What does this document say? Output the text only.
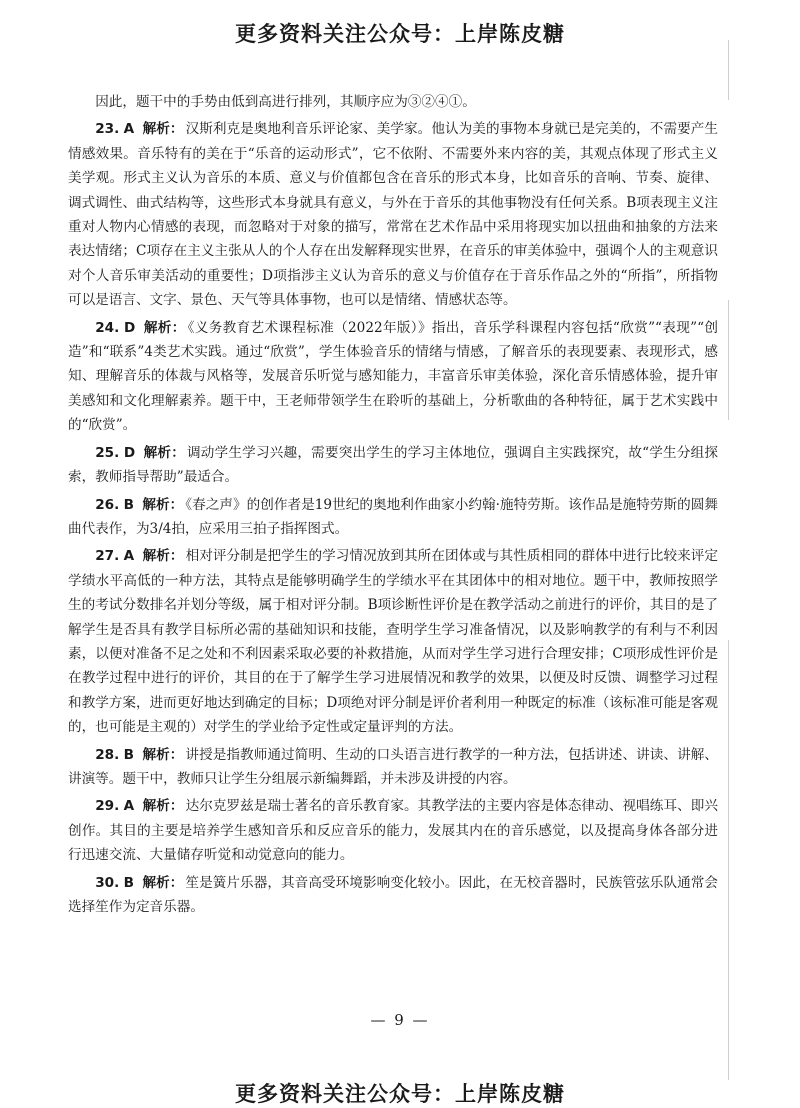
更多资料关注公众号：上岸陈皮糖

因此，题干中的手势由低到高进行排列，其顺序应为③②④①。

23. A 解析： 汉斯利克是奥地利音乐评论家、美学家。他认为美的事物本身就已是完美的，不需要产生情感效果。音乐特有的美在于“乐音的运动形式”，它不依附、不需要外来内容的美，其观点体现了形式主义美学观。形式主义认为音乐的本质、意义与价值都包含在音乐的形式本身，比如音乐的音响、节奏、旋律、调式调性、曲式结构等，这些形式本身就具有意义，与外在于音乐的其他事物没有任何关系。B项表现主义注重对人物内心情感的表现，而忽略对于对象的描写，常常在艺术作品中采用将现实加以扭曲和抽象的方法来表达情绪；C项存在主义主张从人的个人存在出发解释现实世界，在音乐的审美体验中，强调个人的主观意识对个人音乐审美活动的重要性；D项指涉主义认为音乐的意义与价值存在于音乐作品之外的“所指”，所指物可以是语言、文字、景色、天气等具体事物，也可以是情绪、情感状态等。

24. D 解析： 《义务教育艺术课程标准（2022年版）》指出，音乐学科课程内容包括“欣赏”“表现”“创造”和“联系”4类艺术实践。通过“欣赏”，学生体验音乐的情绪与情感，了解音乐的表现要素、表现形式，感知、理解音乐的体裁与风格等，发展音乐听觉与感知能力，丰富音乐审美体验，深化音乐情感体验，提升审美感知和文化理解素养。题干中，王老师带领学生在聆听的基础上，分析歌曲的各种特征，属于艺术实践中的“欣赏”。

25. D 解析： 调动学生学习兴趣，需要突出学生的学习主体地位，强调自主实践探究，故“学生分组探索，教师指导帮助”最适合。

26. B 解析： 《春之声》的创作者是19世纪的奥地利作曲家小约翰·施特劳斯。该作品是施特劳斯的圆舞曲代表作，为3/4拍，应采用三拍子指挥图式。

27. A 解析： 相对评分制是把学生的学习情况放到其所在团体或与其性质相同的群体中进行比较来评定学绩水平高低的一种方法，其特点是能够明确学生的学绩水平在其团体中的相对地位。题干中，教师按照学生的考试分数排名并划分等级，属于相对评分制。B项诊断性评价是在教学活动之前进行的评价，其目的是了解学生是否具有教学目标所必需的基础知识和技能，查明学生学习准备情况，以及影响教学的有利与不利因素，以便对准备不足之处和不利因素采取必要的补救措施，从而对学生学习进行合理安排；C项形成性评价是在教学过程中进行的评价，其目的在于了解学生学习进展情况和教学的效果，以便及时反馈、调整学习过程和教学方案，进而更好地达到确定的目标；D项绝对评分制是评价者利用一种既定的标准（该标准可能是客观的，也可能是主观的）对学生的学业给予定性或定量评判的方法。

28. B 解析： 讲授是指教师通过简明、生动的口头语言进行教学的一种方法，包括讲述、讲读、讲解、讲演等。题干中，教师只让学生分组展示新编舞蹈，并未涉及讲授的内容。

29. A 解析： 达尔克罗兹是瑞士著名的音乐教育家。其教学法的主要内容是体态律动、视唱练耳、即兴创作。其目的主要是培养学生感知音乐和反应音乐的能力，发展其内在的音乐感觉，以及提高身体各部分进行迅速交流、大量储存听觉和动觉意向的能力。

30. B 解析： 笙是簧片乐器，其音高受环境影响变化较小。因此，在无校音器时，民族管弦乐队通常会选择笙作为定音乐器。

— 9 —
更多资料关注公众号：上岸陈皮糖
